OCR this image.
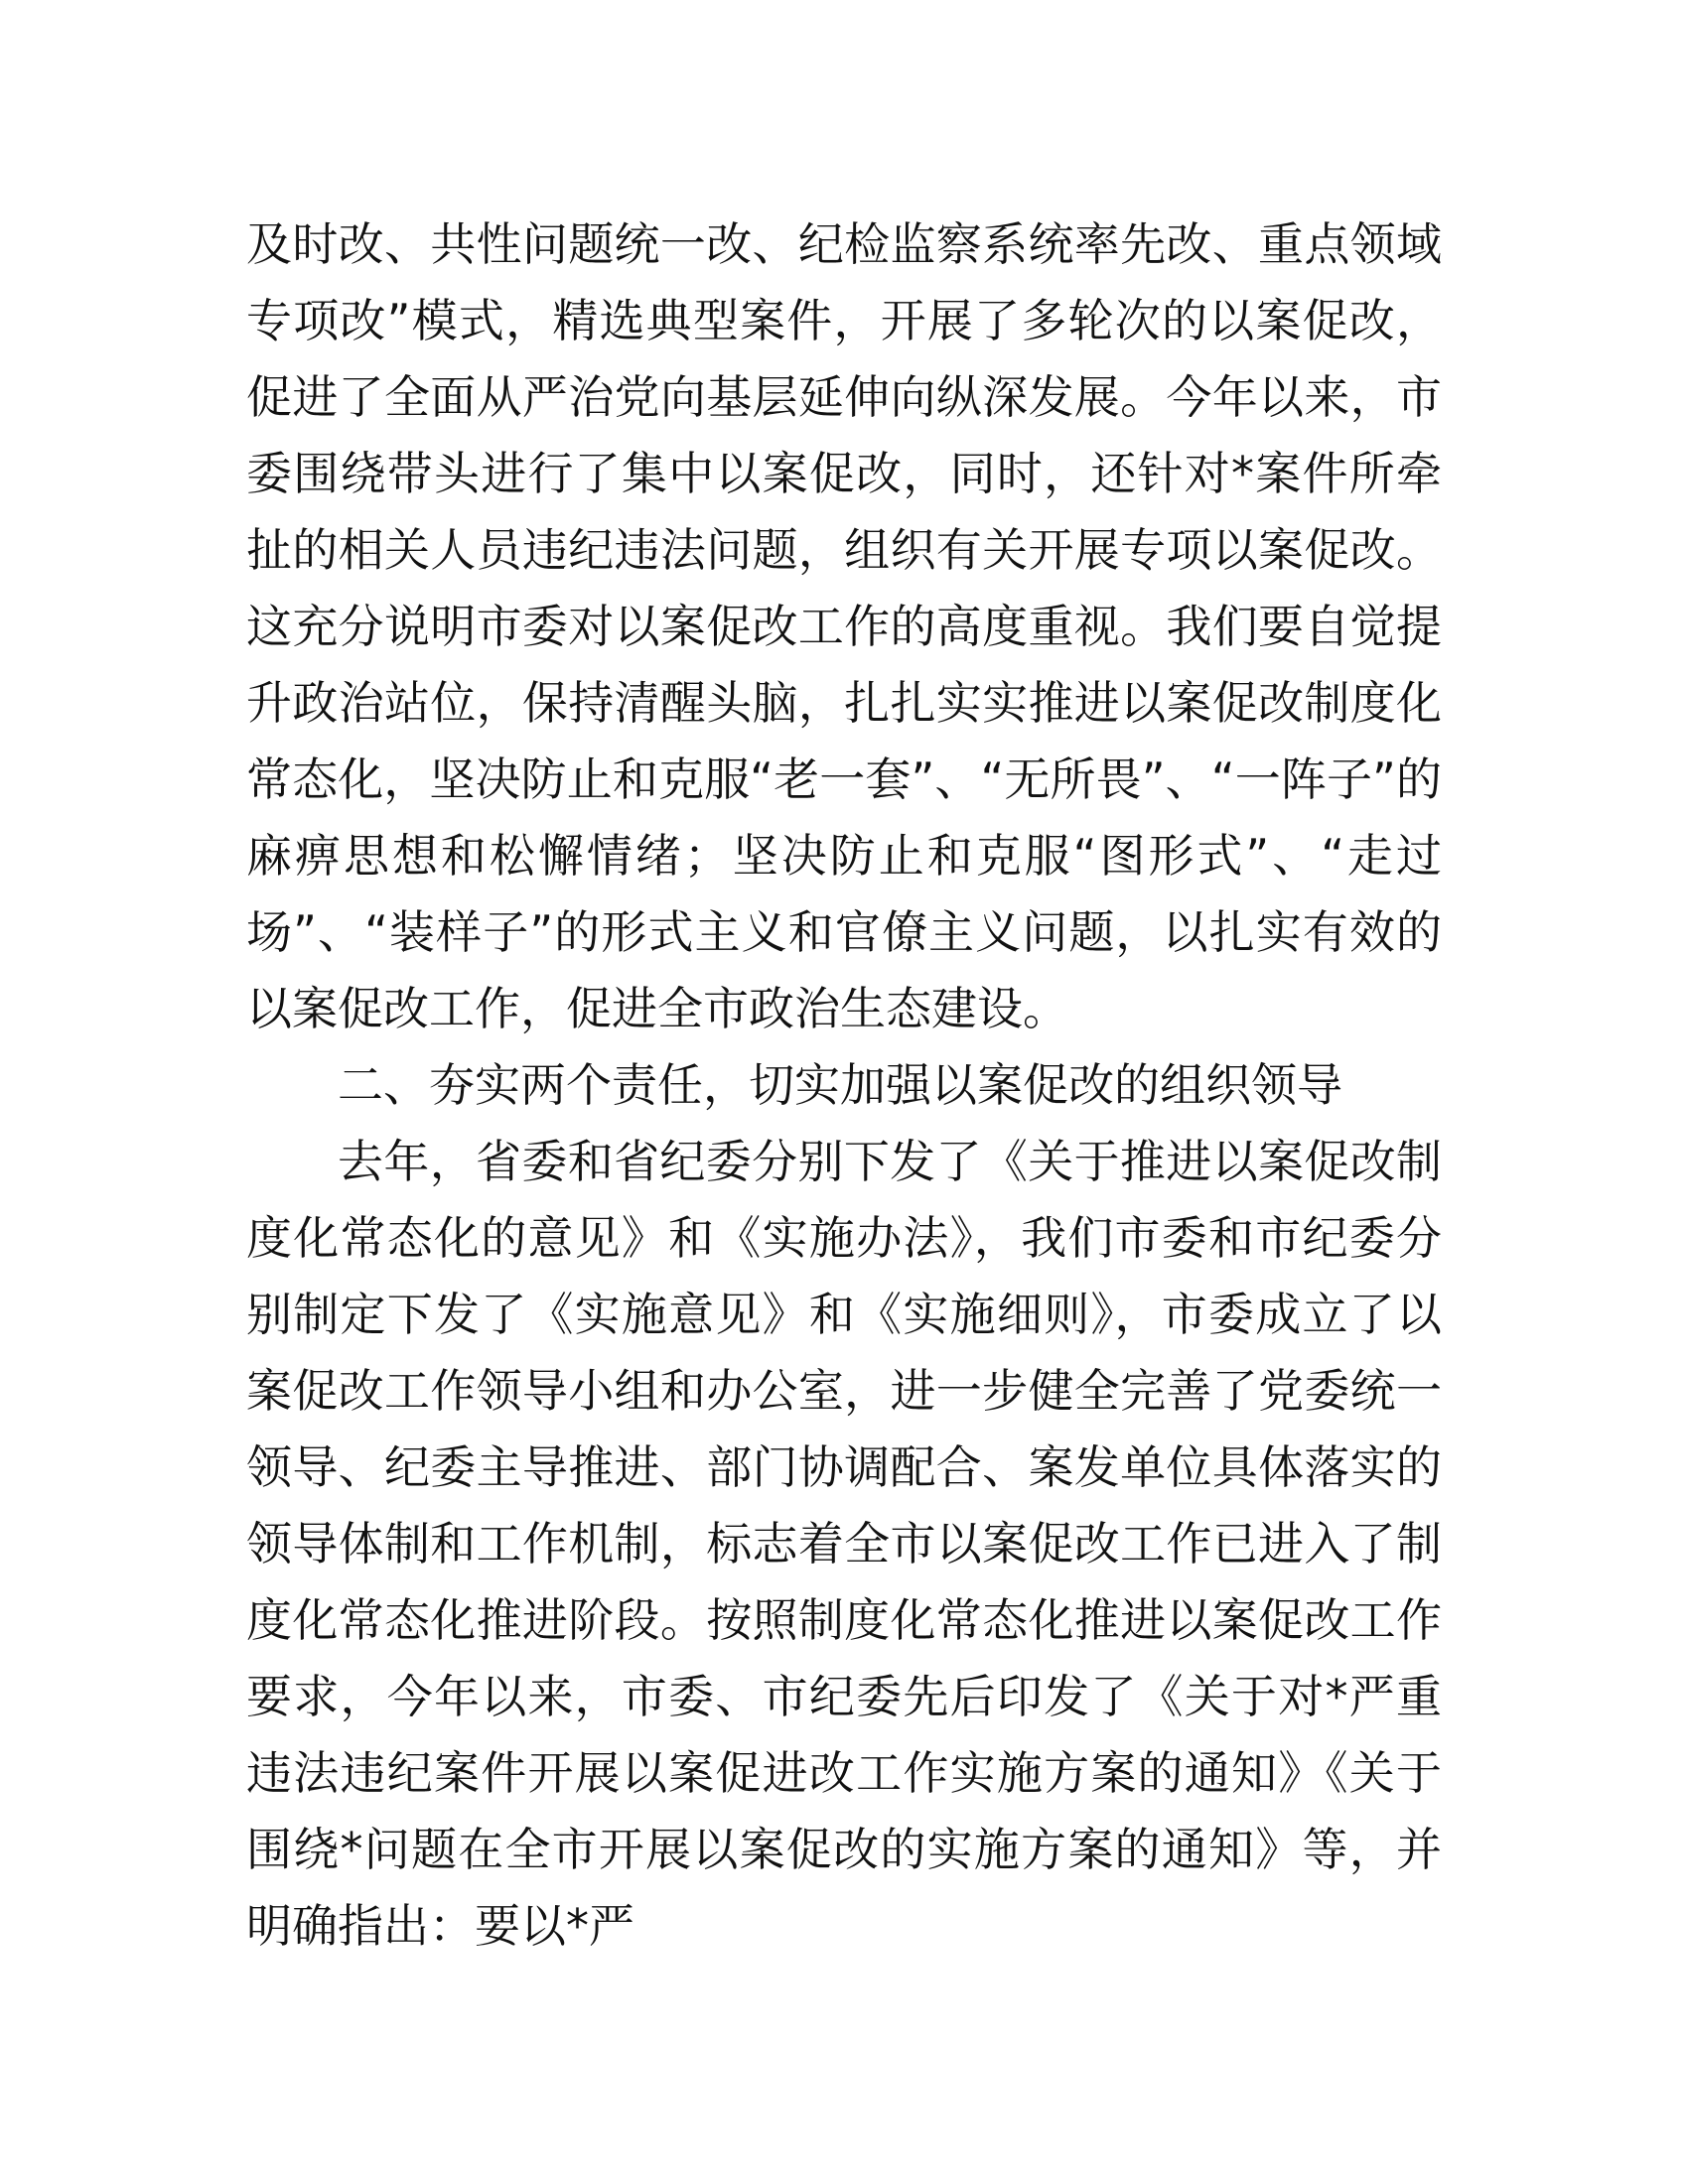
及时改、共性问题统一改、纪检监察系统率先改、重点领域专项改”模式，精选典型案件，开展了多轮次的以案促改，促进了全面从严治党向基层延伸向纵深发展。今年以来，市委围绕带头进行了集中以案促改，同时，还针对*案件所牵扯的相关人员违纪违法问题，组织有关开展专项以案促改。这充分说明市委对以案促改工作的高度重视。我们要自觉提升政治站位，保持清醒头脑，扎扎实实推进以案促改制度化常态化，坚决防止和克服“老一套”、“无所畏”、“一阵子”的麻痹思想和松懈情绪；坚决防止和克服“图形式”、“走过场”、“装样子”的形式主义和官僚主义问题，以扎实有效的以案促改工作，促进全市政治生态建设。

二、夯实两个责任，切实加强以案促改的组织领导

去年，省委和省纪委分别下发了《关于推进以案促改制度化常态化的意见》和《实施办法》，我们市委和市纪委分别制定下发了《实施意见》和《实施细则》，市委成立了以案促改工作领导小组和办公室，进一步健全完善了党委统一领导、纪委主导推进、部门协调配合、案发单位具体落实的领导体制和工作机制，标志着全市以案促改工作已进入了制度化常态化推进阶段。按照制度化常态化推进以案促改工作要求，今年以来，市委、市纪委先后印发了《关于对*严重违法违纪案件开展以案促进改工作实施方案的通知》《关于围绕*问题在全市开展以案促改的实施方案的通知》等，并明确指出：要以*严
